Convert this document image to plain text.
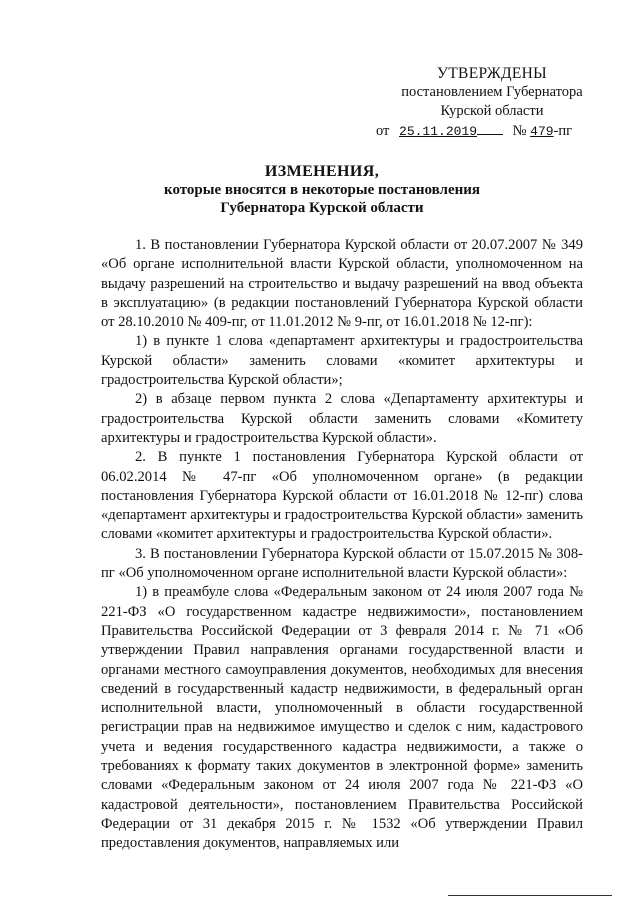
УТВЕРЖДЕНЫ
постановлением Губернатора
Курской области
от 25.11.2019 № 479-пг
ИЗМЕНЕНИЯ,
которые вносятся в некоторые постановления
Губернатора Курской области

1. В постановлении Губернатора Курской области от 20.07.2007 № 349 «Об органе исполнительной власти Курской области, уполномоченном на выдачу разрешений на строительство и выдачу разрешений на ввод объекта в эксплуатацию» (в редакции постановлений Губернатора Курской области от 28.10.2010 № 409-пг, от 11.01.2012 № 9-пг, от 16.01.2018 № 12-пг):

1) в пункте 1 слова «департамент архитектуры и градостроительства Курской области» заменить словами «комитет архитектуры и градостроительства Курской области»;

2) в абзаце первом пункта 2 слова «Департаменту архитектуры и градостроительства Курской области заменить словами «Комитету архитектуры и градостроительства Курской области».

2. В пункте 1 постановления Губернатора Курской области от 06.02.2014 № 47-пг «Об уполномоченном органе» (в редакции постановления Губернатора Курской области от 16.01.2018 № 12-пг) слова «департамент архитектуры и градостроительства Курской области» заменить словами «комитет архитектуры и градостроительства Курской области».

3. В постановлении Губернатора Курской области от 15.07.2015 № 308-пг «Об уполномоченном органе исполнительной власти Курской области»:

1) в преамбуле слова «Федеральным законом от 24 июля 2007 года № 221-ФЗ «О государственном кадастре недвижимости», постановлением Правительства Российской Федерации от 3 февраля 2014 г. № 71 «Об утверждении Правил направления органами государственной власти и органами местного самоуправления документов, необходимых для внесения сведений в государственный кадастр недвижимости, в федеральный орган исполнительной власти, уполномоченный в области государственной регистрации прав на недвижимое имущество и сделок с ним, кадастрового учета и ведения государственного кадастра недвижимости, а также о требованиях к формату таких документов в электронной форме» заменить словами «Федеральным законом от 24 июля 2007 года № 221-ФЗ «О кадастровой деятельности», постановлением Правительства Российской Федерации от 31 декабря 2015 г. № 1532 «Об утверждении Правил предоставления документов, направляемых или
